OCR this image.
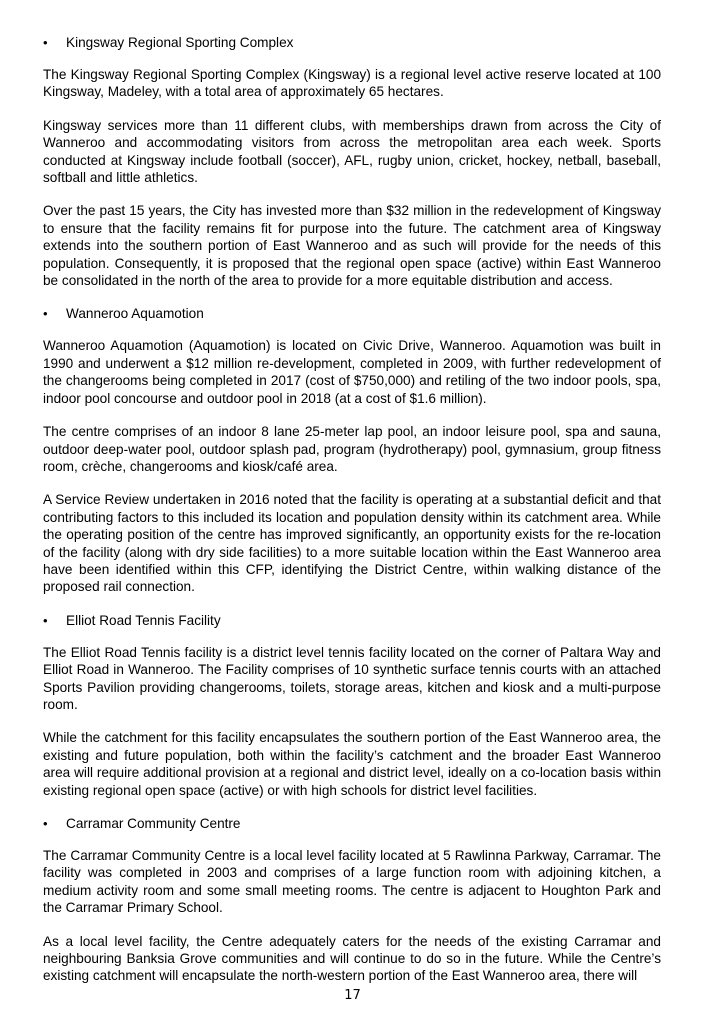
•	Kingsway Regional Sporting Complex

The Kingsway Regional Sporting Complex (Kingsway) is a regional level active reserve located at 100 Kingsway, Madeley, with a total area of approximately 65 hectares.

Kingsway services more than 11 different clubs, with memberships drawn from across the City of Wanneroo and accommodating visitors from across the metropolitan area each week. Sports conducted at Kingsway include football (soccer), AFL, rugby union, cricket, hockey, netball, baseball, softball and little athletics.

Over the past 15 years, the City has invested more than $32 million in the redevelopment of Kingsway to ensure that the facility remains fit for purpose into the future. The catchment area of Kingsway extends into the southern portion of East Wanneroo and as such will provide for the needs of this population. Consequently, it is proposed that the regional open space (active) within East Wanneroo be consolidated in the north of the area to provide for a more equitable distribution and access.

•	Wanneroo Aquamotion

Wanneroo Aquamotion (Aquamotion) is located on Civic Drive, Wanneroo. Aquamotion was built in 1990 and underwent a $12 million re-development, completed in 2009, with further redevelopment of the changerooms being completed in 2017 (cost of $750,000) and retiling of the two indoor pools, spa, indoor pool concourse and outdoor pool in 2018 (at a cost of $1.6 million).

The centre comprises of an indoor 8 lane 25-meter lap pool, an indoor leisure pool, spa and sauna, outdoor deep-water pool, outdoor splash pad, program (hydrotherapy) pool, gymnasium, group fitness room, crèche, changerooms and kiosk/café area.

A Service Review undertaken in 2016 noted that the facility is operating at a substantial deficit and that contributing factors to this included its location and population density within its catchment area. While the operating position of the centre has improved significantly, an opportunity exists for the re-location of the facility (along with dry side facilities) to a more suitable location within the East Wanneroo area have been identified within this CFP, identifying the District Centre, within walking distance of the proposed rail connection.

•	Elliot Road Tennis Facility

The Elliot Road Tennis facility is a district level tennis facility located on the corner of Paltara Way and Elliot Road in Wanneroo. The Facility comprises of 10 synthetic surface tennis courts with an attached Sports Pavilion providing changerooms, toilets, storage areas, kitchen and kiosk and a multi-purpose room.

While the catchment for this facility encapsulates the southern portion of the East Wanneroo area, the existing and future population, both within the facility’s catchment and the broader East Wanneroo area will require additional provision at a regional and district level, ideally on a co-location basis within existing regional open space (active) or with high schools for district level facilities.

•	Carramar Community Centre

The Carramar Community Centre is a local level facility located at 5 Rawlinna Parkway, Carramar. The facility was completed in 2003 and comprises of a large function room with adjoining kitchen, a medium activity room and some small meeting rooms. The centre is adjacent to Houghton Park and the Carramar Primary School.

As a local level facility, the Centre adequately caters for the needs of the existing Carramar and neighbouring Banksia Grove communities and will continue to do so in the future. While the Centre’s existing catchment will encapsulate the north-western portion of the East Wanneroo area, there will

17
